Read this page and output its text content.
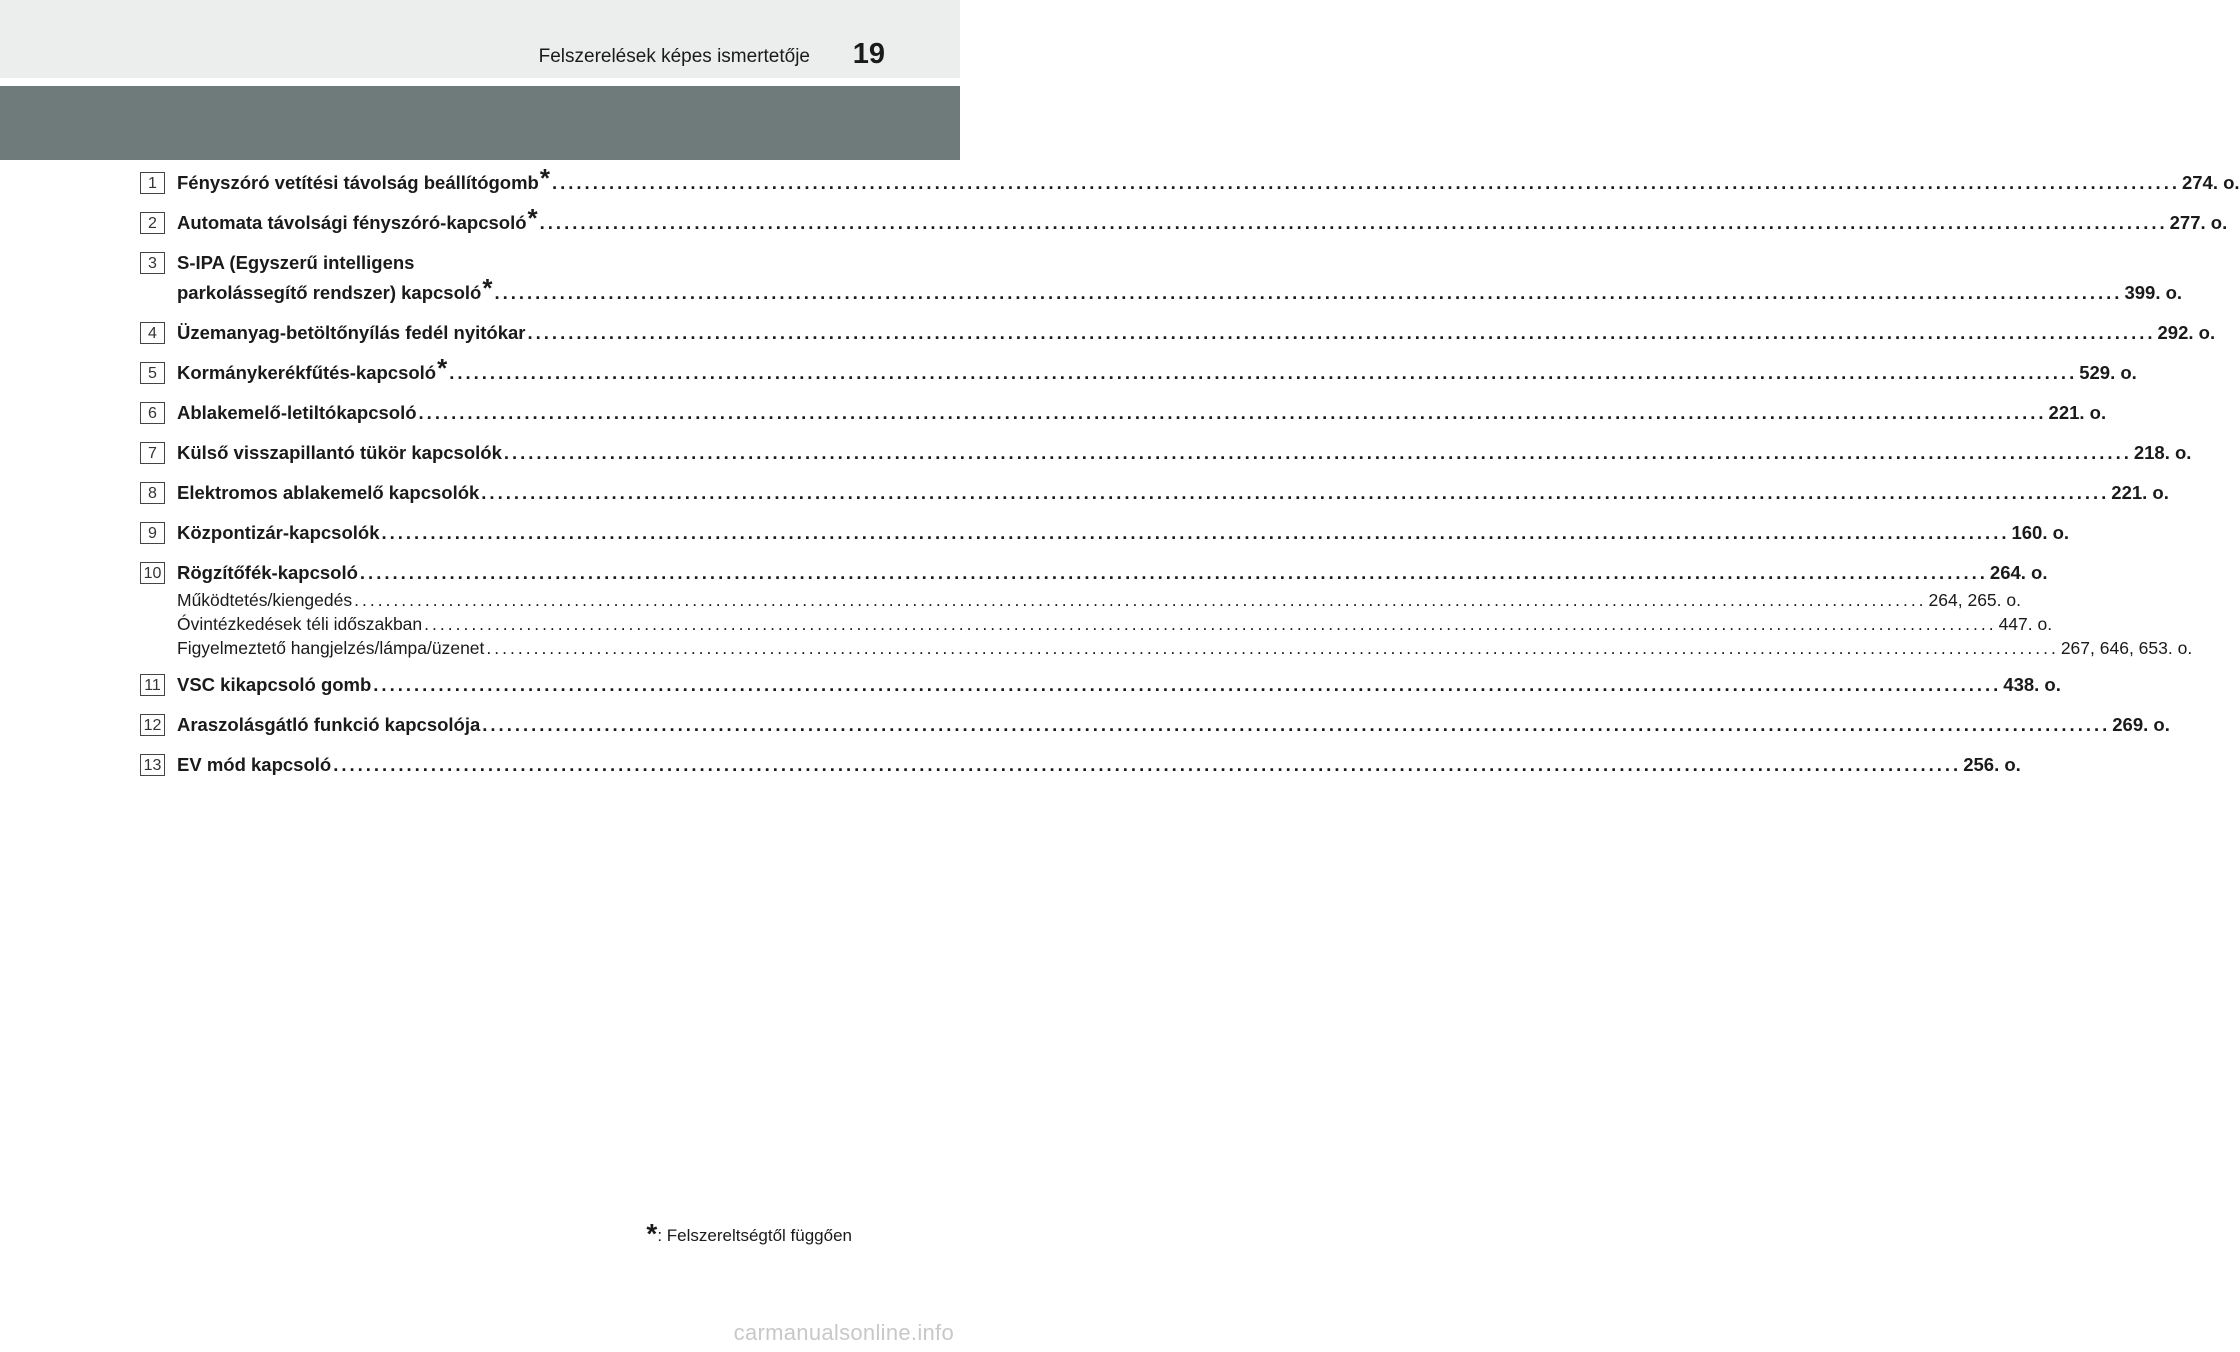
Felszerelések képes ismertetője 19
1	Fényszóró vetítési távolság beállítógomb* ........................................................................................................................................................................................................ 274. o.
2	Automata távolsági fényszóró-kapcsoló* ........................................................................................................................................................................................................ 277. o.
3	S-IPA (Egyszerű intelligens
parkolássegítő rendszer) kapcsoló* ........................................................................................................................................................................................................ 399. o.
4	Üzemanyag-betöltőnyílás fedél nyitókar ........................................................................................................................................................................................................ 292. o.
5	Kormánykerékfűtés-kapcsoló* ........................................................................................................................................................................................................ 529. o.
6	Ablakemelő-letiltókapcsoló ........................................................................................................................................................................................................ 221. o.
7	Külső visszapillantó tükör kapcsolók ........................................................................................................................................................................................................ 218. o.
8	Elektromos ablakemelő kapcsolók ........................................................................................................................................................................................................ 221. o.
9	Központizár-kapcsolók ........................................................................................................................................................................................................ 160. o.
10 Rögzítőfék-kapcsoló ........................................................................................................................................................................................................ 264. o.
Működtetés/kiengedés ........................................................................................................................................................................................................ 264, 265. o.
Óvintézkedések téli időszakban ........................................................................................................................................................................................................ 447. o.
Figyelmeztető hangjelzés/lámpa/üzenet ........................................................................................................................................................................................................ 267, 646, 653. o.
11 VSC kikapcsoló gomb ........................................................................................................................................................................................................ 438. o.
12 Araszolásgátló funkció kapcsolója ........................................................................................................................................................................................................ 269. o.
13 EV mód kapcsoló ........................................................................................................................................................................................................ 256. o.
*: Felszereltségtől függően
carmanualsonline.info
